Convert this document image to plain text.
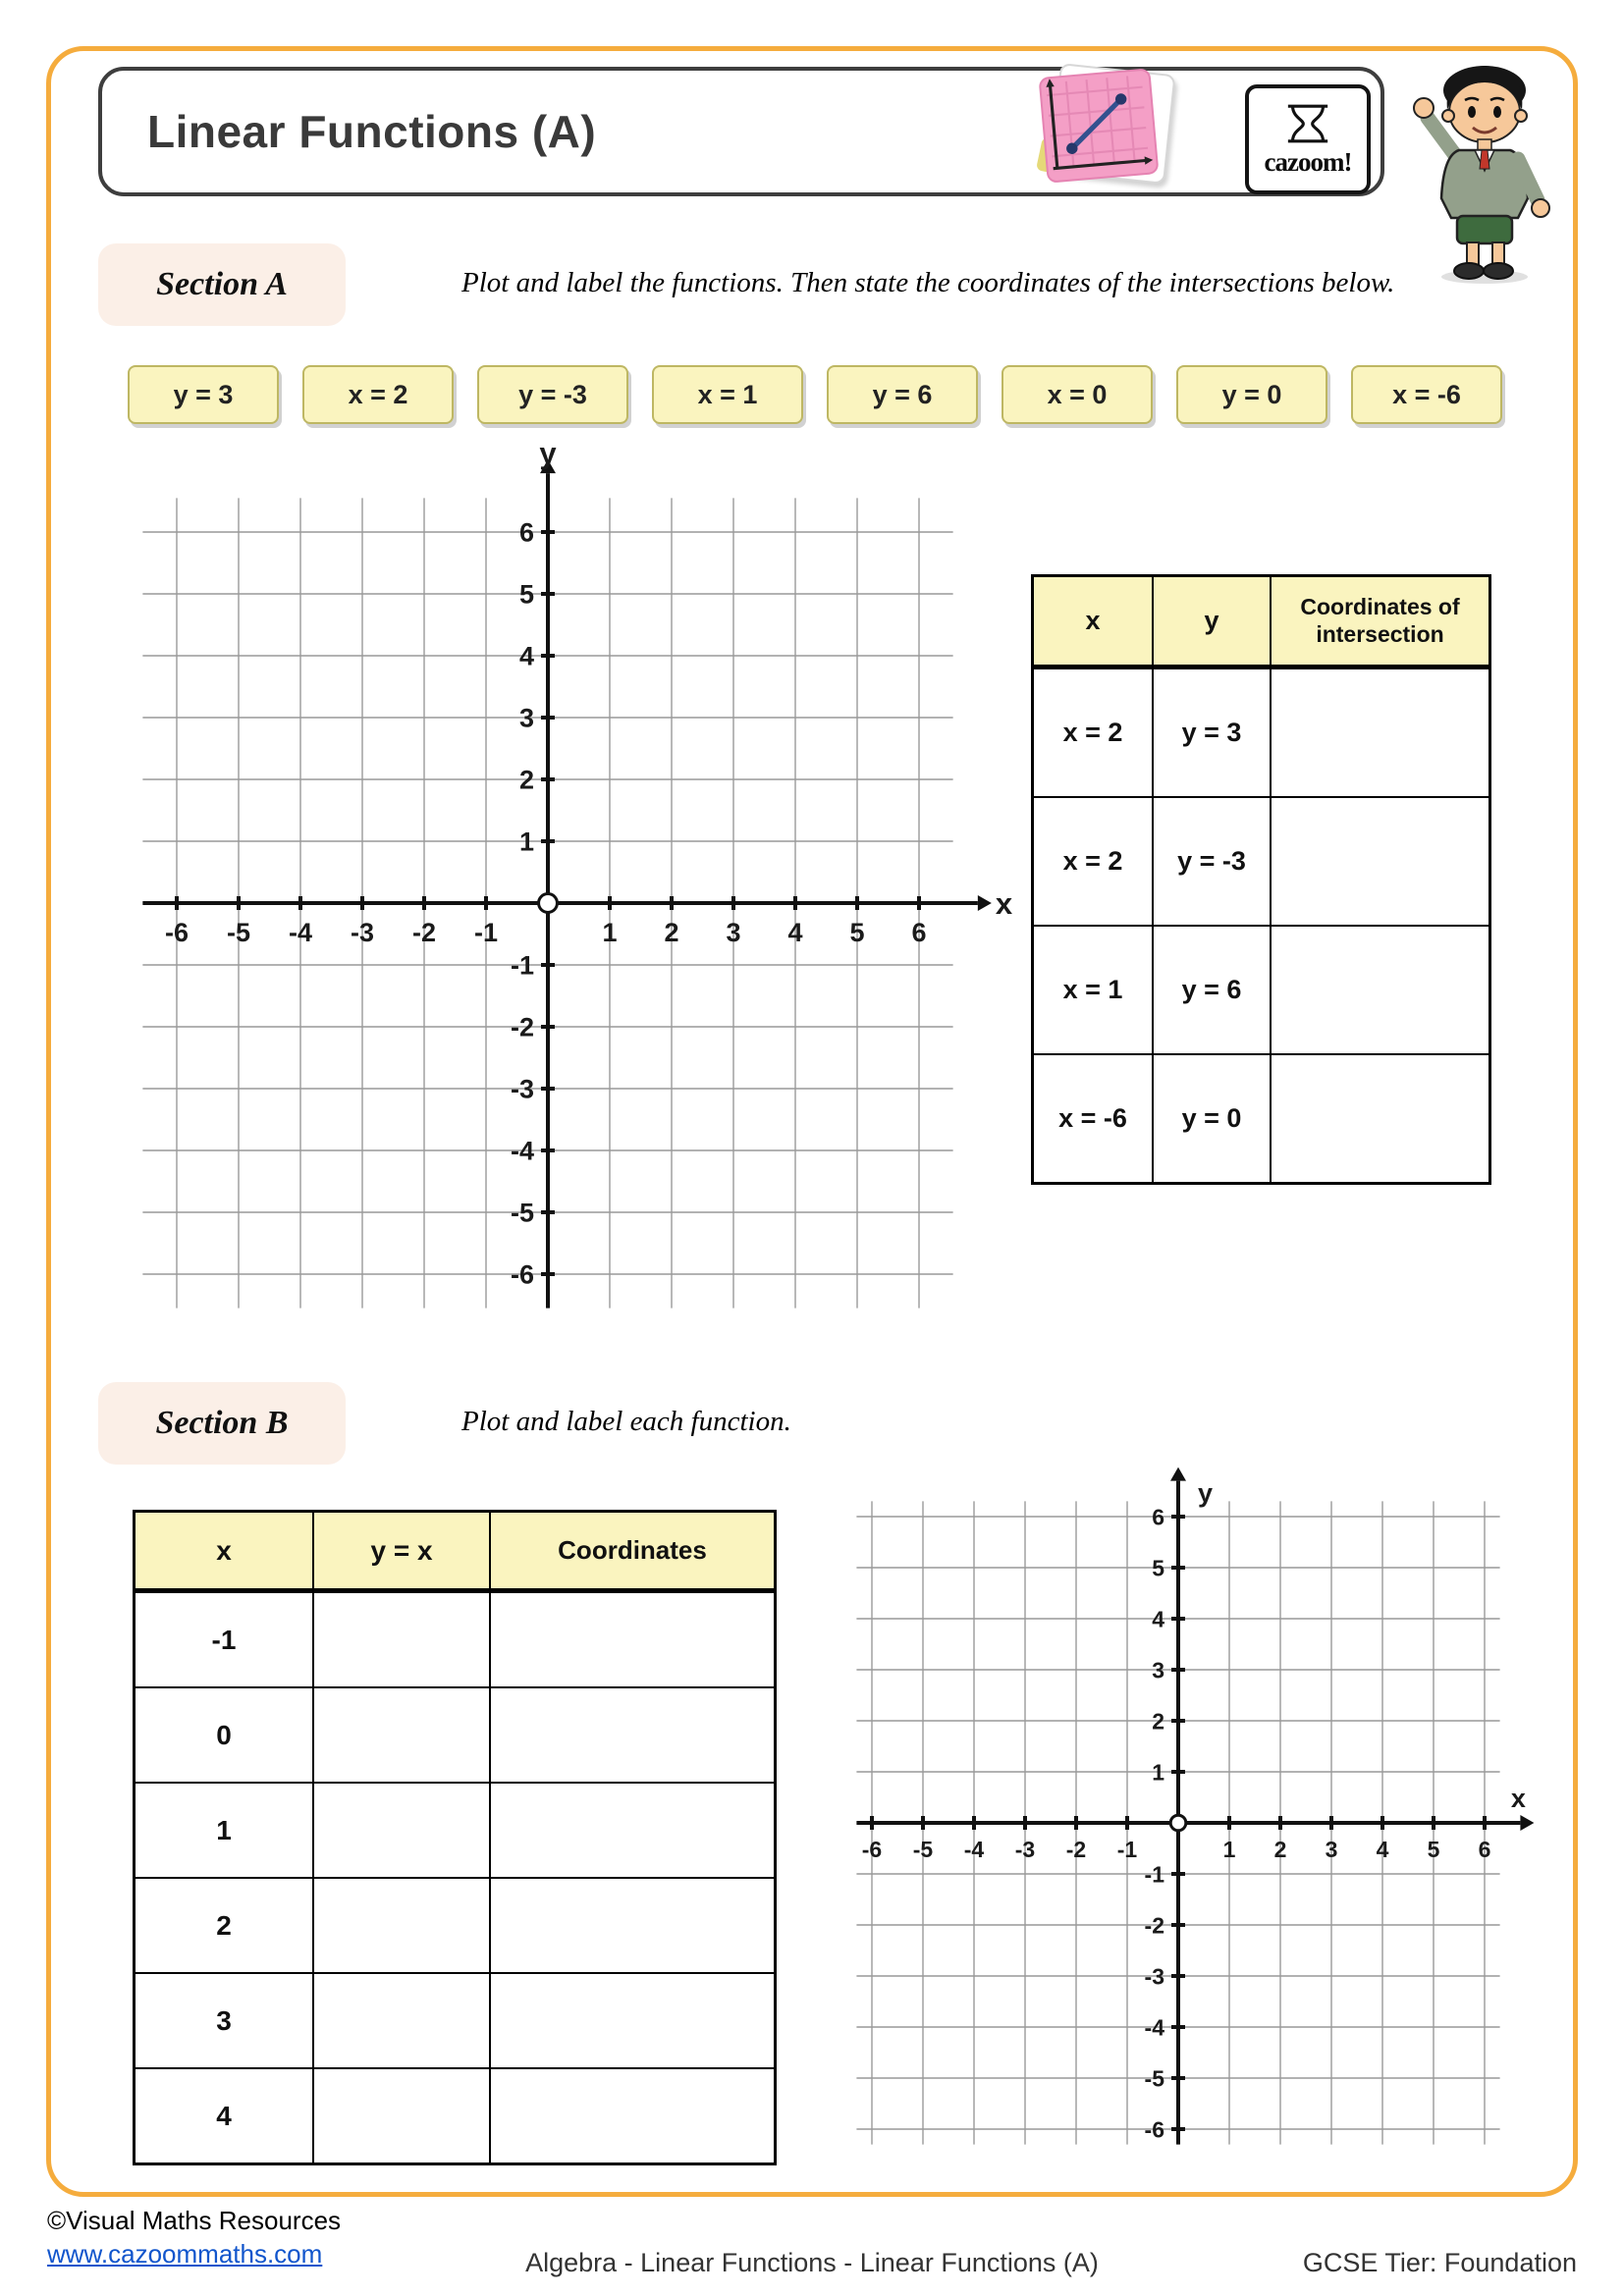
Linear Functions (A)
cazoom!
Section A	Plot and label the functions. Then state the coordinates of the intersections below.
y = 3	x = 2	y = -3	x = 1	y = 6	x = 0	y = 0	x = -6
-6 -5 -4 -3 -2 -1	1 2 3 4 5 6
-6
-5
-4
-3
-2
-1
1
2
3
4
5
6
x
y
x	y	Coordinates of intersection
x = 2	y = 3
x = 2	y = -3
x = 1	y = 6
x = -6	y = 0
Section B	Plot and label each function.
x	y = x	Coordinates
-1
0
1
2
3
4
-6 -5 -4 -3 -2 -1	1 2 3 4 5 6
-6
-5
-4
-3
-2
-1
1
2
3
4
5
6
x
y
©Visual Maths Resources
www.cazoommaths.com	Algebra - Linear Functions - Linear Functions (A)	GCSE Tier: Foundation
